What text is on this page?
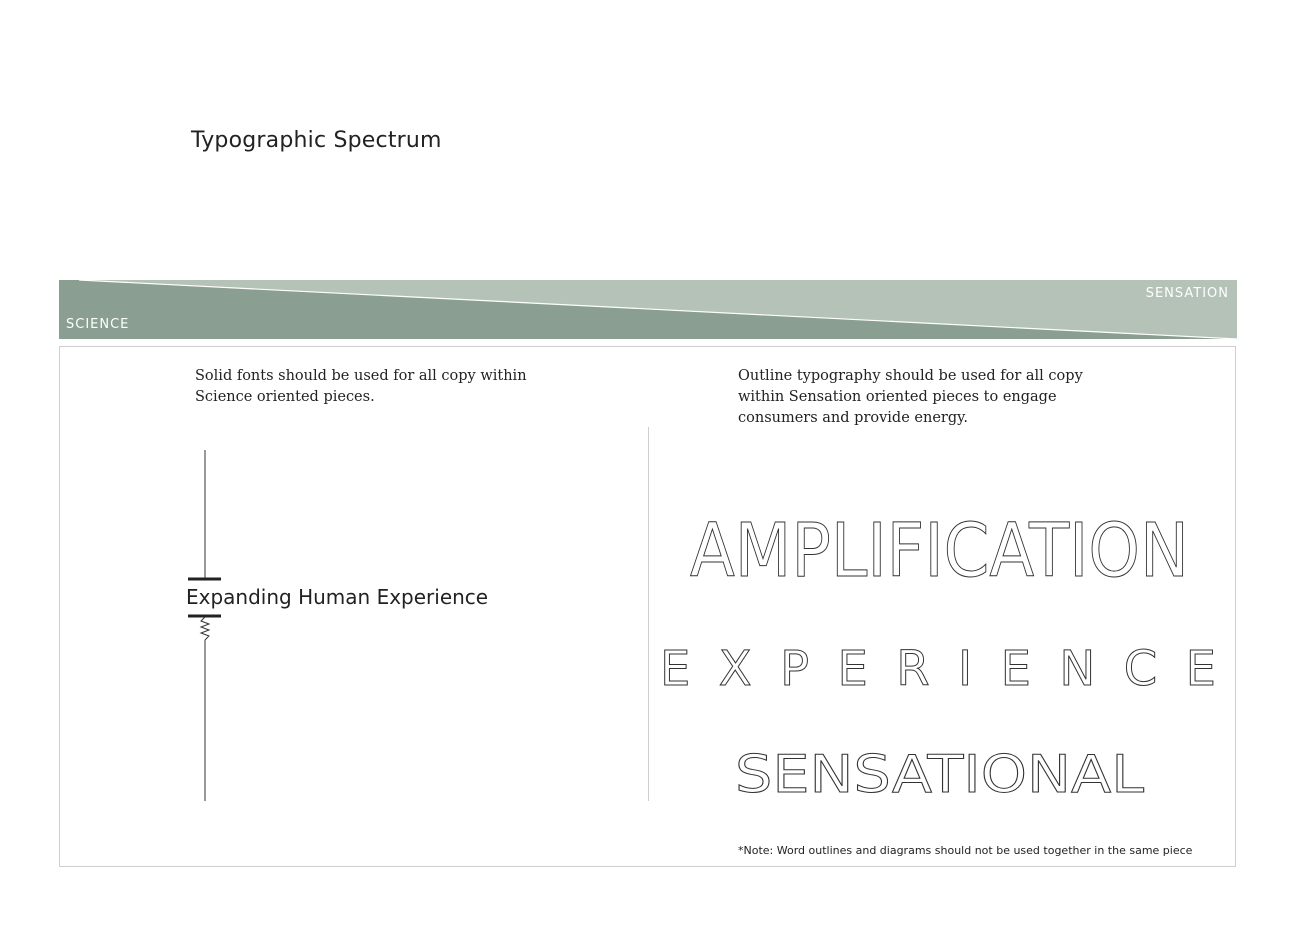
Typographic Spectrum
SCIENCE
SENSATION
Solid fonts should be used for all copy within Science oriented pieces.
Outline typography should be used for all copy within Sensation oriented pieces to engage consumers and provide energy.
Expanding Human Experience
AMPLIFICATION
EXPERIENCE
SENSATIONAL
*Note: Word outlines and diagrams should not be used together in the same piece
